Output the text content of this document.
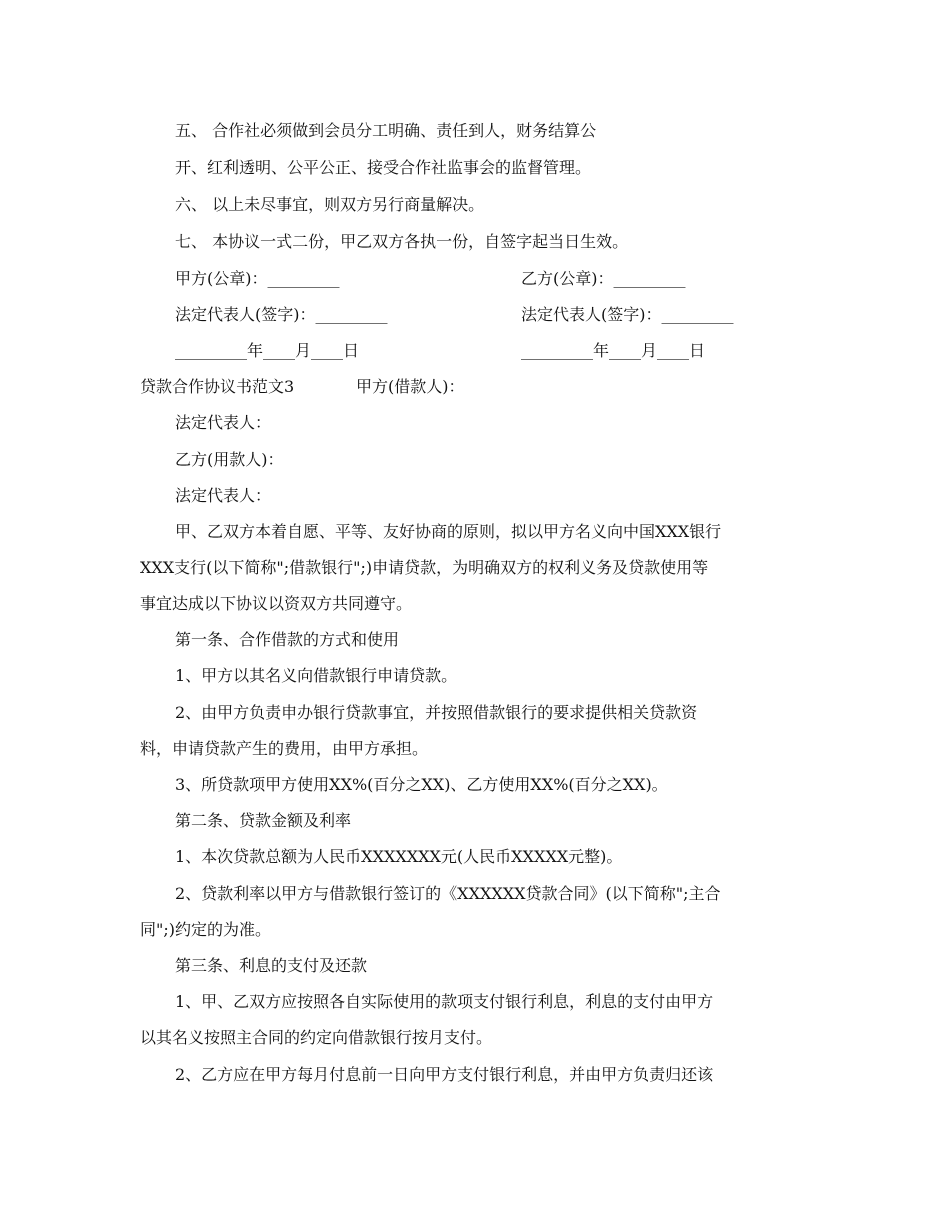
五、 合作社必须做到会员分工明确、责任到人，财务结算公
开、红利透明、公平公正、接受合作社监事会的监督管理。
六、 以上未尽事宜，则双方另行商量解决。
七、 本协议一式二份，甲乙双方各执一份，自签字起当日生效。
甲方(公章)：_________	乙方(公章)：_________
法定代表人(签字)：_________	法定代表人(签字)：_________
_________年____月____日	_________年____月____日
贷款合作协议书范文3	甲方(借款人)：
法定代表人：
乙方(用款人)：
法定代表人：
甲、乙双方本着自愿、平等、友好协商的原则，拟以甲方名义向中国XXX银行
XXX支行(以下简称";借款银行";)申请贷款，为明确双方的权利义务及贷款使用等
事宜达成以下协议以资双方共同遵守。
第一条、合作借款的方式和使用
1、甲方以其名义向借款银行申请贷款。
2、由甲方负责申办银行贷款事宜，并按照借款银行的要求提供相关贷款资
料，申请贷款产生的费用，由甲方承担。
3、所贷款项甲方使用XX%(百分之XX)、乙方使用XX%(百分之XX)。
第二条、贷款金额及利率
1、本次贷款总额为人民币XXXXXXX元(人民币XXXXX元整)。
2、贷款利率以甲方与借款银行签订的《XXXXXX贷款合同》(以下简称";主合
同";)约定的为准。
第三条、利息的支付及还款
1、甲、乙双方应按照各自实际使用的款项支付银行利息，利息的支付由甲方
以其名义按照主合同的约定向借款银行按月支付。
2、乙方应在甲方每月付息前一日向甲方支付银行利息，并由甲方负责归还该
